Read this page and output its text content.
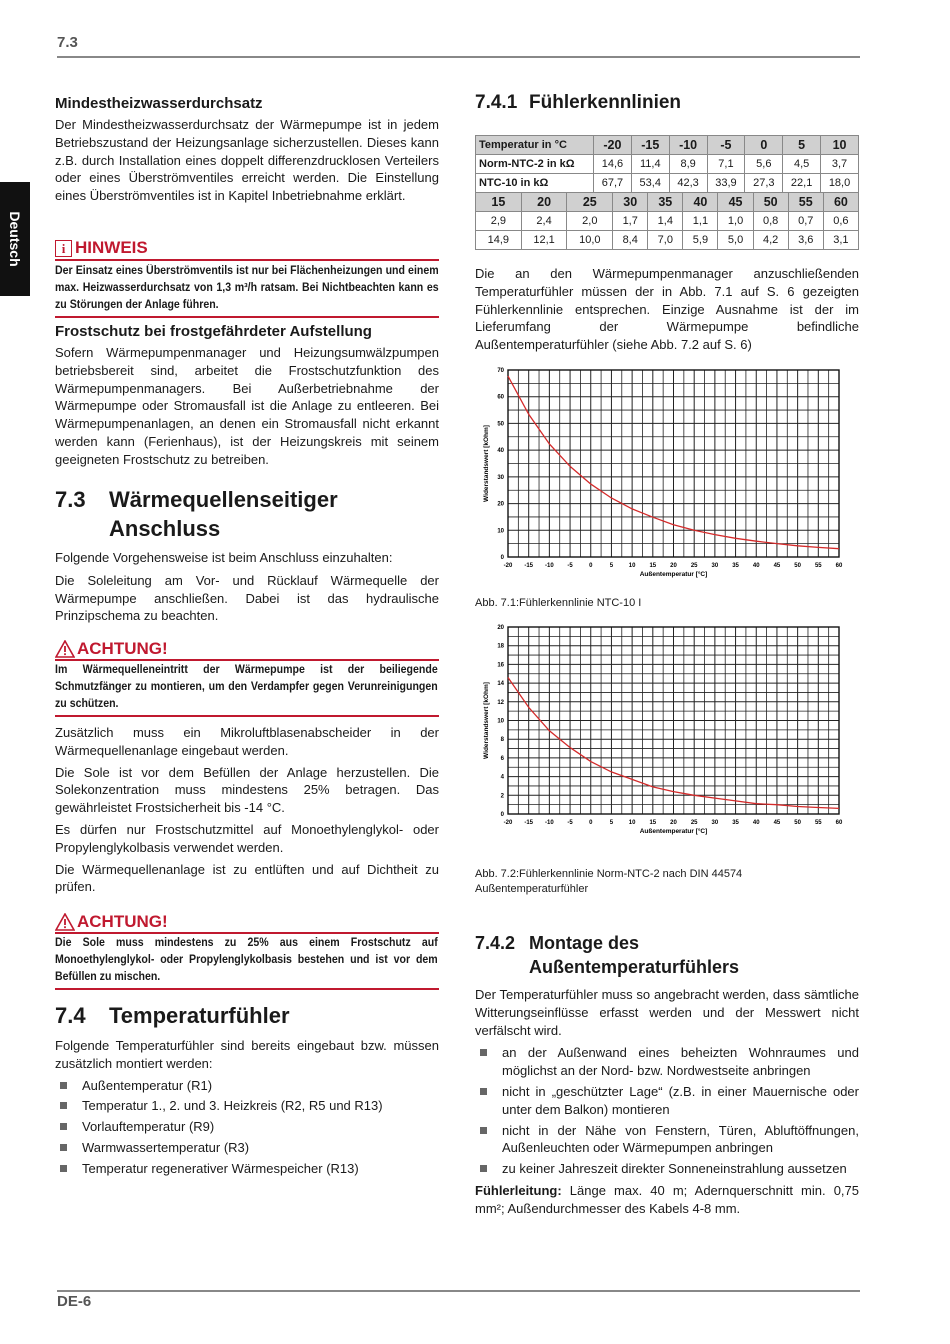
7.3
Deutsch
Mindestheizwasserdurchsatz

Der Mindestheizwasserdurchsatz der Wärmepumpe ist in jedem Betriebszustand der Heizungsanlage sicherzustellen. Dieses kann z.B. durch Installation eines doppelt differenzdrucklosen Verteilers oder eines Überströmventiles erreicht werden. Die Einstellung eines Überströmventiles ist in Kapitel Inbetriebnahme erklärt.

i HINWEIS
Der Einsatz eines Überströmventils ist nur bei Flächenheizungen und einem max. Heizwasserdurchsatz von 1,3 m³/h ratsam. Bei Nichtbeachten kann es zu Störungen der Anlage führen.
Frostschutz bei frostgefährdeter Aufstellung

Sofern Wärmepumpenmanager und Heizungsumwälzpumpen betriebsbereit sind, arbeitet die Frostschutzfunktion des Wärmepumpenmanagers. Bei Außerbetriebnahme der Wärmepumpe oder Stromausfall ist die Anlage zu entleeren. Bei Wärmepumpenanlagen, an denen ein Stromausfall nicht erkannt werden kann (Ferienhaus), ist der Heizungskreis mit seinem geeigneten Frostschutz zu betreiben.

7.3	Wärmequellenseitiger
Anschluss

Folgende Vorgehensweise ist beim Anschluss einzuhalten:

Die Soleleitung am Vor- und Rücklauf Wärmequelle der Wärmepumpe anschließen. Dabei ist das hydraulische Prinzipschema zu beachten.

ACHTUNG!
Im Wärmequelleneintritt der Wärmepumpe ist der beiliegende Schmutzfänger zu montieren, um den Verdampfer gegen Verunreinigungen zu schützen.

Zusätzlich muss ein Mikroluftblasenabscheider in der Wärmequellenanlage eingebaut werden.

Die Sole ist vor dem Befüllen der Anlage herzustellen. Die Solekonzentration muss mindestens 25% betragen. Das gewährleistet Frostsicherheit bis -14 °C.

Es dürfen nur Frostschutzmittel auf Monoethylenglykol- oder Propylenglykolbasis verwendet werden.

Die Wärmequellenanlage ist zu entlüften und auf Dichtheit zu prüfen.

ACHTUNG!
Die Sole muss mindestens zu 25% aus einem Frostschutz auf Monoethylenglykol- oder Propylenglykolbasis bestehen und ist vor dem Befüllen zu mischen.
7.4	Temperaturfühler

Folgende Temperaturfühler sind bereits eingebaut bzw. müssen zusätzlich montiert werden:

Außentemperatur (R1)
Temperatur 1., 2. und 3. Heizkreis (R2, R5 und R13)
Vorlauftemperatur (R9)
Warmwassertemperatur (R3)
Temperatur regenerativer Wärmespeicher (R13)
7.4.1 Fühlerkennlinien
Temperatur in °C	-20	-15	-10	-5	0	5	10
Norm-NTC-2 in kΩ	14,6	11,4	8,9	7,1	5,6	4,5	3,7
NTC-10 in kΩ	67,7	53,4	42,3	33,9	27,3	22,1	18,0
15	20	25	30	35	40	45	50	55	60
2,9	2,4	2,0	1,7	1,4	1,1	1,0	0,8	0,7	0,6
14,9	12,1	10,0	8,4	7,0	5,9	5,0	4,2	3,6	3,1

Die an den Wärmepumpenmanager anzuschließenden Temperaturfühler müssen der in Abb. 7.1 auf S. 6 gezeigten Fühlerkennlinie entsprechen. Einzige Ausnahme ist der im Lieferumfang der Wärmepumpe befindliche Außentemperaturfühler (siehe Abb. 7.2 auf S. 6)

-20 -15 -10 -5	0	5	10 15 20 25 30 35 40 45 50 55 60
0
10
20
30
40
50
60
70
Außentemperatur [°C]
Widerstandswert [kOhm]
Abb. 7.1:Fühlerkennlinie NTC-10 I
-20 -15 -10 -5	0	5	10 15 20 25 30 35 40 45 50 55 60
0
2
4
6
8
10
12
14
16
18
20
Außentemperatur [°C]
Widerstandswert [kOhm]
Abb. 7.2:Fühlerkennlinie Norm-NTC-2 nach DIN 44574
Außentemperaturfühler
7.4.2 Montage des
Außentemperaturfühlers

Der Temperaturfühler muss so angebracht werden, dass sämtliche Witterungseinflüsse erfasst werden und der Messwert nicht verfälscht wird.

an der Außenwand eines beheizten Wohnraumes und möglichst an der Nord- bzw. Nordwestseite anbringen
nicht in „geschützter Lage“ (z.B. in einer Mauernische oder unter dem Balkon) montieren
nicht in der Nähe von Fenstern, Türen, Abluftöffnungen, Außenleuchten oder Wärmepumpen anbringen
zu keiner Jahreszeit direkter Sonneneinstrahlung aussetzen

Fühlerleitung: Länge max. 40 m; Adernquerschnitt min. 0,75 mm²; Außendurchmesser des Kabels 4-8 mm.

DE-6
